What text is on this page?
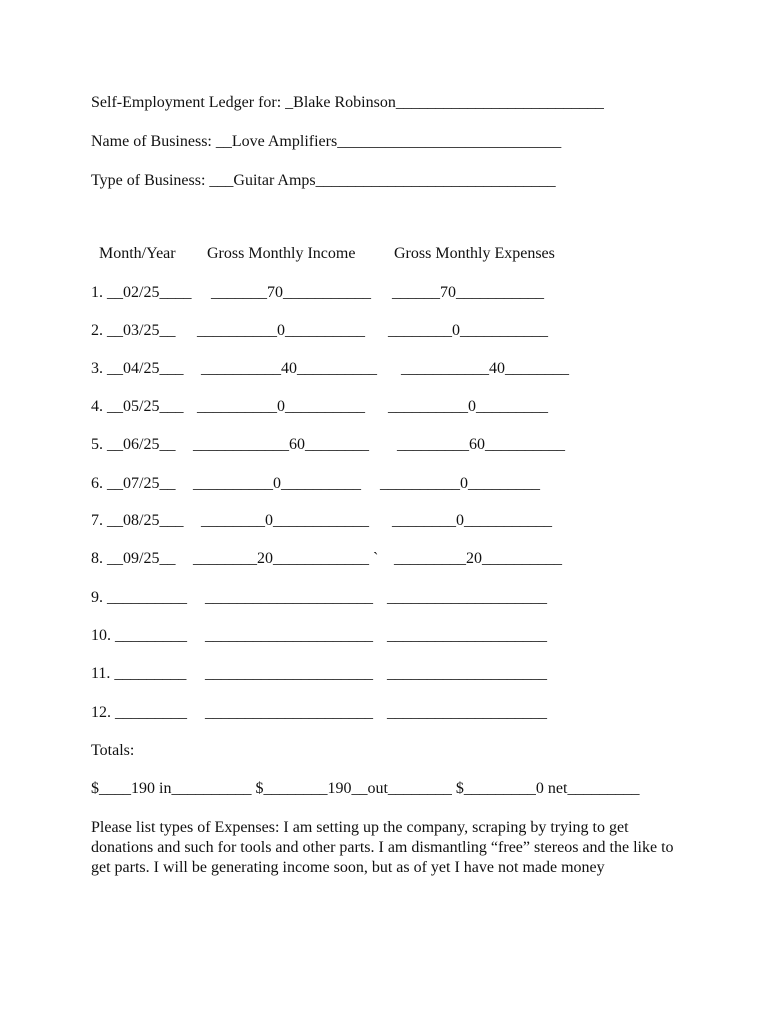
Self-Employment Ledger for: _Blake Robinson__________________________
Name of Business: __Love Amplifiers____________________________
Type of Business: ___Guitar Amps______________________________
Month/Year Gross Monthly Income Gross Monthly Expenses

1. __02/25____

_______70___________

______70___________

2. __03/25__

__________0__________

________0___________

3. __04/25___

__________40__________

___________40________

4. __05/25___

__________0__________

__________0_________

5. __06/25__

____________60________

_________60__________

6. __07/25__

__________0__________

__________0_________

7. __08/25___

________0____________

________0___________

8. __09/25__

________20____________ `

_________20__________

9. __________

_____________________

____________________

10. _________

_____________________

____________________

11. _________

_____________________

____________________

12. _________

_____________________

____________________

Totals:
$____190 in__________ $________190__out________ $_________0 net_________
Please list types of Expenses: I am setting up the company, scraping by trying to get donations and such for tools and other parts. I am dismantling “free” stereos and the like to get parts. I will be generating income soon, but as of yet I have not made money
